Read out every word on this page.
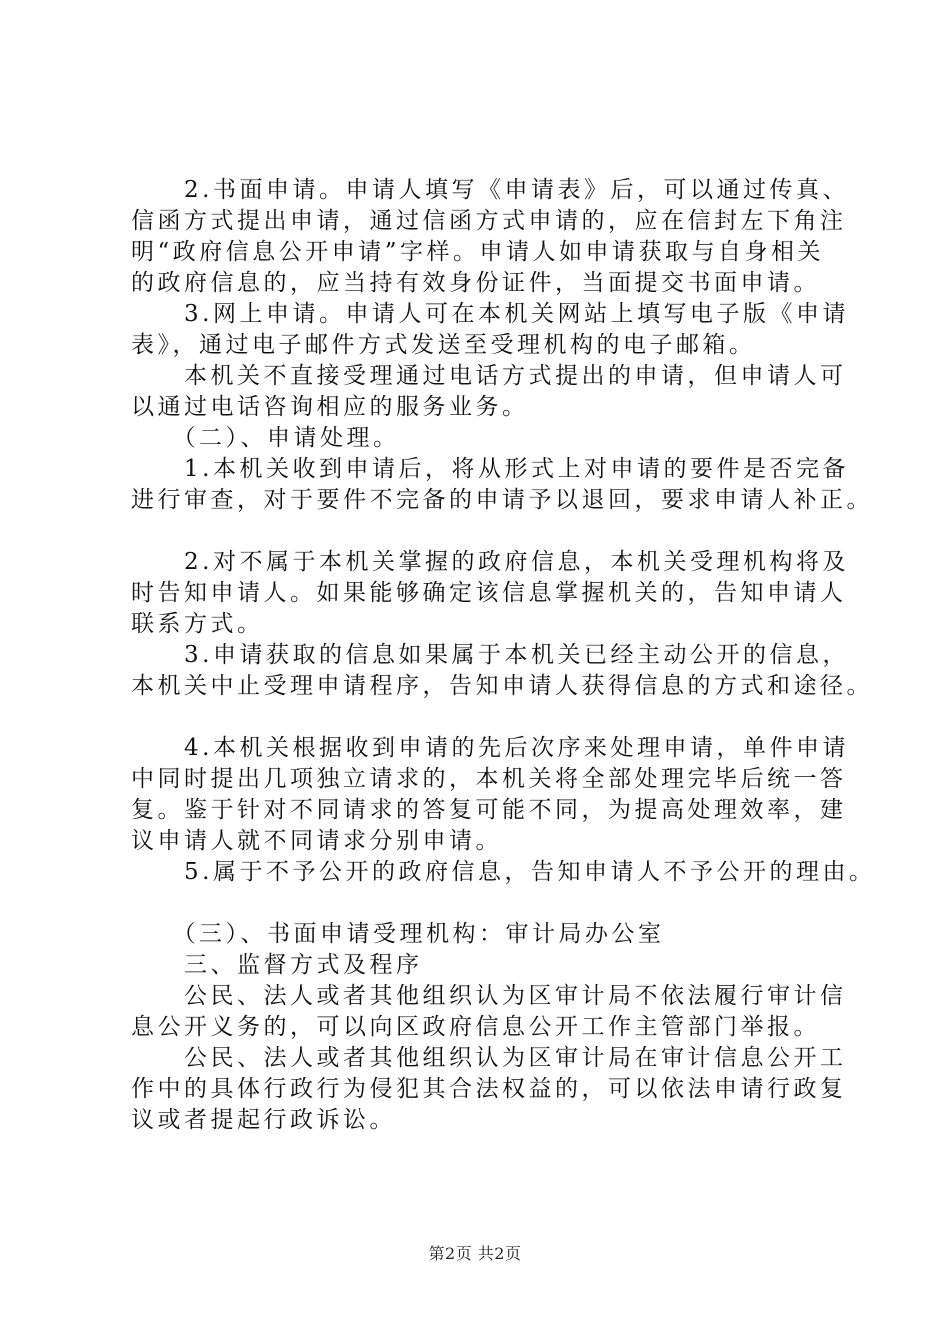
　　2.书面申请。申请人填写《申请表》后，可以通过传真、
信函方式提出申请，通过信函方式申请的，应在信封左下角注
明“政府信息公开申请”字样。申请人如申请获取与自身相关
的政府信息的，应当持有效身份证件，当面提交书面申请。
　　3.网上申请。申请人可在本机关网站上填写电子版《申请
表》，通过电子邮件方式发送至受理机构的电子邮箱。
　　本机关不直接受理通过电话方式提出的申请，但申请人可
以通过电话咨询相应的服务业务。
　　（二）、申请处理。
　　1.本机关收到申请后，将从形式上对申请的要件是否完备
进行审查，对于要件不完备的申请予以退回，要求申请人补正。
　　2.对不属于本机关掌握的政府信息，本机关受理机构将及
时告知申请人。如果能够确定该信息掌握机关的，告知申请人
联系方式。
　　3.申请获取的信息如果属于本机关已经主动公开的信息，
本机关中止受理申请程序，告知申请人获得信息的方式和途径。
　　4.本机关根据收到申请的先后次序来处理申请，单件申请
中同时提出几项独立请求的，本机关将全部处理完毕后统一答
复。鉴于针对不同请求的答复可能不同，为提高处理效率，建
议申请人就不同请求分别申请。
　　5.属于不予公开的政府信息，告知申请人不予公开的理由。
　　（三）、书面申请受理机构：审计局办公室
　　三、监督方式及程序
　　公民、法人或者其他组织认为区审计局不依法履行审计信
息公开义务的，可以向区政府信息公开工作主管部门举报。
　　公民、法人或者其他组织认为区审计局在审计信息公开工
作中的具体行政行为侵犯其合法权益的，可以依法申请行政复
议或者提起行政诉讼。
第2页 共2页
